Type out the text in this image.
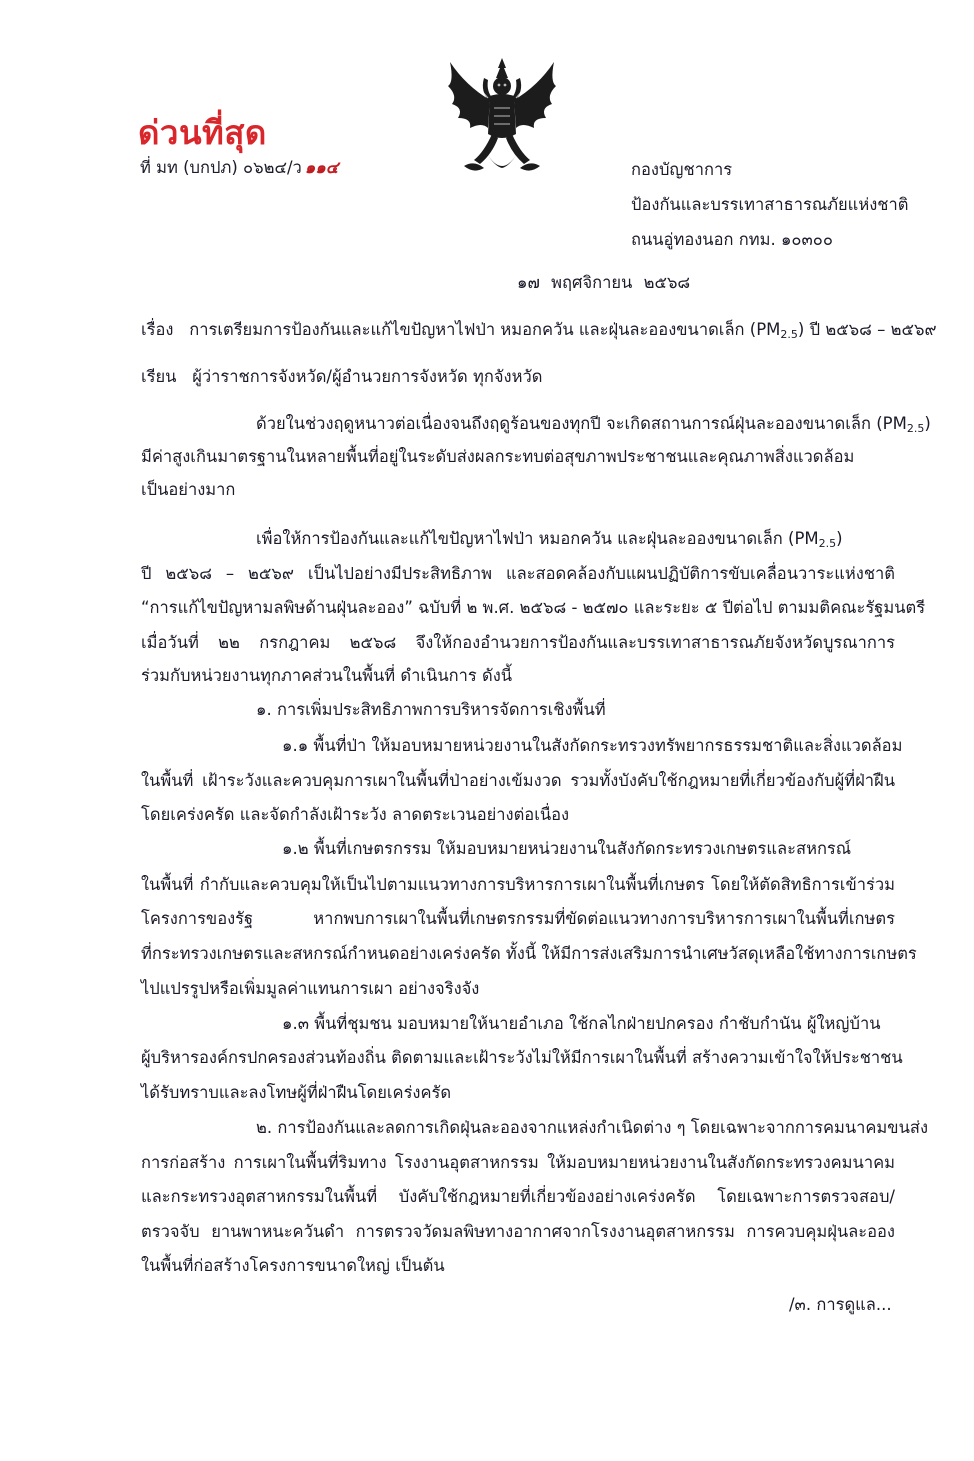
ด่วนที่สุด
ที่ มท (บกปภ) ๐๖๒๔/ว ๑๑๔	กองบัญชาการ
ป้องกันและบรรเทาสาธารณภัยแห่งชาติ
ถนนอู่ทองนอก กทม. ๑๐๓๐๐
๑๗ พฤศจิกายน ๒๕๖๘
เรื่อง การเตรียมการป้องกันและแก้ไขปัญหาไฟป่า หมอกควัน และฝุ่นละอองขนาดเล็ก $(PM_{2.5})$ ปี ๒๕๖๘ – ๒๕๖๙
เรียน ผู้ว่าราชการจังหวัด/ผู้อำนวยการจังหวัด ทุกจังหวัด
ด้วยในช่วงฤดูหนาวต่อเนื่องจนถึงฤดูร้อนของทุกปี จะเกิดสถานการณ์ฝุ่นละอองขนาดเล็ก $(PM_{2.5})$
มีค่าสูงเกินมาตรฐานในหลายพื้นที่อยู่ในระดับส่งผลกระทบต่อสุขภาพประชาชนและคุณภาพสิ่งแวดล้อม
เป็นอย่างมาก
เพื่อให้การป้องกันและแก้ไขปัญหาไฟป่า หมอกควัน และฝุ่นละอองขนาดเล็ก $(PM_{2.5})$
ปี ๒๕๖๘ – ๒๕๖๙ เป็นไปอย่างมีประสิทธิภาพ และสอดคล้องกับแผนปฏิบัติการขับเคลื่อนวาระแห่งชาติ
“การแก้ไขปัญหามลพิษด้านฝุ่นละออง” ฉบับที่ ๒ พ.ศ. ๒๕๖๘ - ๒๕๗๐ และระยะ ๕ ปีต่อไป ตามมติคณะรัฐมนตรี
เมื่อวันที่ ๒๒ กรกฎาคม ๒๕๖๘ จึงให้กองอำนวยการป้องกันและบรรเทาสาธารณภัยจังหวัดบูรณาการ
ร่วมกับหน่วยงานทุกภาคส่วนในพื้นที่ ดำเนินการ ดังนี้
๑. การเพิ่มประสิทธิภาพการบริหารจัดการเชิงพื้นที่
๑.๑ พื้นที่ป่า ให้มอบหมายหน่วยงานในสังกัดกระทรวงทรัพยากรธรรมชาติและสิ่งแวดล้อม
ในพื้นที่ เฝ้าระวังและควบคุมการเผาในพื้นที่ป่าอย่างเข้มงวด รวมทั้งบังคับใช้กฎหมายที่เกี่ยวข้องกับผู้ที่ฝ่าฝืน
โดยเคร่งครัด และจัดกำลังเฝ้าระวัง ลาดตระเวนอย่างต่อเนื่อง
๑.๒ พื้นที่เกษตรกรรม ให้มอบหมายหน่วยงานในสังกัดกระทรวงเกษตรและสหกรณ์
ในพื้นที่ กำกับและควบคุมให้เป็นไปตามแนวทางการบริหารการเผาในพื้นที่เกษตร โดยให้ตัดสิทธิการเข้าร่วม
โครงการของรัฐ หากพบการเผาในพื้นที่เกษตรกรรมที่ขัดต่อแนวทางการบริหารการเผาในพื้นที่เกษตร
ที่กระทรวงเกษตรและสหกรณ์กำหนดอย่างเคร่งครัด ทั้งนี้ ให้มีการส่งเสริมการนำเศษวัสดุเหลือใช้ทางการเกษตร
ไปแปรรูปหรือเพิ่มมูลค่าแทนการเผา อย่างจริงจัง
๑.๓ พื้นที่ชุมชน มอบหมายให้นายอำเภอ ใช้กลไกฝ่ายปกครอง กำชับกำนัน ผู้ใหญ่บ้าน
ผู้บริหารองค์กรปกครองส่วนท้องถิ่น ติดตามและเฝ้าระวังไม่ให้มีการเผาในพื้นที่ สร้างความเข้าใจให้ประชาชน
ได้รับทราบและลงโทษผู้ที่ฝ่าฝืนโดยเคร่งครัด
๒. การป้องกันและลดการเกิดฝุ่นละอองจากแหล่งกำเนิดต่าง ๆ โดยเฉพาะจากการคมนาคมขนส่ง
การก่อสร้าง การเผาในพื้นที่ริมทาง โรงงานอุตสาหกรรม ให้มอบหมายหน่วยงานในสังกัดกระทรวงคมนาคม
และกระทรวงอุตสาหกรรมในพื้นที่ บังคับใช้กฎหมายที่เกี่ยวข้องอย่างเคร่งครัด โดยเฉพาะการตรวจสอบ/
ตรวจจับ ยานพาหนะควันดำ การตรวจวัดมลพิษทางอากาศจากโรงงานอุตสาหกรรม การควบคุมฝุ่นละออง
ในพื้นที่ก่อสร้างโครงการขนาดใหญ่ เป็นต้น
/๓. การดูแล...
